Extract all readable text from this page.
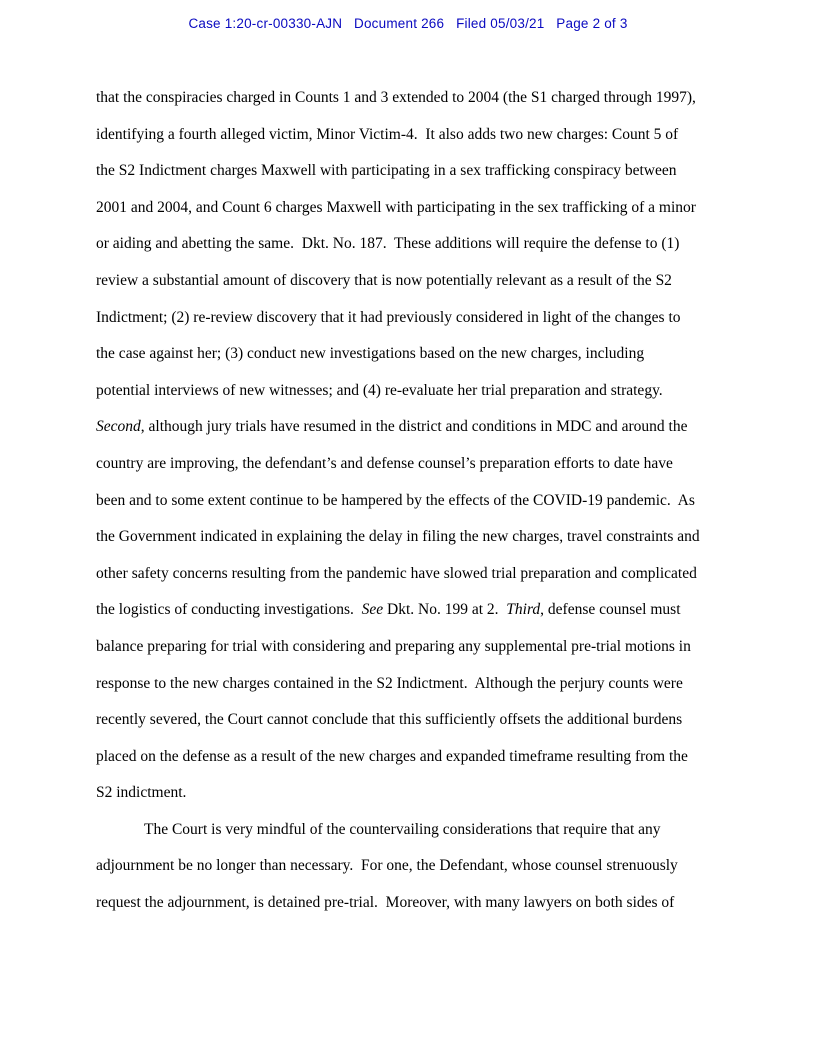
Case 1:20-cr-00330-AJN   Document 266   Filed 05/03/21   Page 2 of 3
that the conspiracies charged in Counts 1 and 3 extended to 2004 (the S1 charged through 1997),
identifying a fourth alleged victim, Minor Victim-4.  It also adds two new charges: Count 5 of
the S2 Indictment charges Maxwell with participating in a sex trafficking conspiracy between
2001 and 2004, and Count 6 charges Maxwell with participating in the sex trafficking of a minor
or aiding and abetting the same.  Dkt. No. 187.  These additions will require the defense to (1)
review a substantial amount of discovery that is now potentially relevant as a result of the S2
Indictment; (2) re-review discovery that it had previously considered in light of the changes to
the case against her; (3) conduct new investigations based on the new charges, including
potential interviews of new witnesses; and (4) re-evaluate her trial preparation and strategy.
Second, although jury trials have resumed in the district and conditions in MDC and around the
country are improving, the defendant’s and defense counsel’s preparation efforts to date have
been and to some extent continue to be hampered by the effects of the COVID-19 pandemic.  As
the Government indicated in explaining the delay in filing the new charges, travel constraints and
other safety concerns resulting from the pandemic have slowed trial preparation and complicated
the logistics of conducting investigations.  See Dkt. No. 199 at 2.  Third, defense counsel must
balance preparing for trial with considering and preparing any supplemental pre-trial motions in
response to the new charges contained in the S2 Indictment.  Although the perjury counts were
recently severed, the Court cannot conclude that this sufficiently offsets the additional burdens
placed on the defense as a result of the new charges and expanded timeframe resulting from the
S2 indictment.
The Court is very mindful of the countervailing considerations that require that any
adjournment be no longer than necessary.  For one, the Defendant, whose counsel strenuously
request the adjournment, is detained pre-trial.  Moreover, with many lawyers on both sides of
